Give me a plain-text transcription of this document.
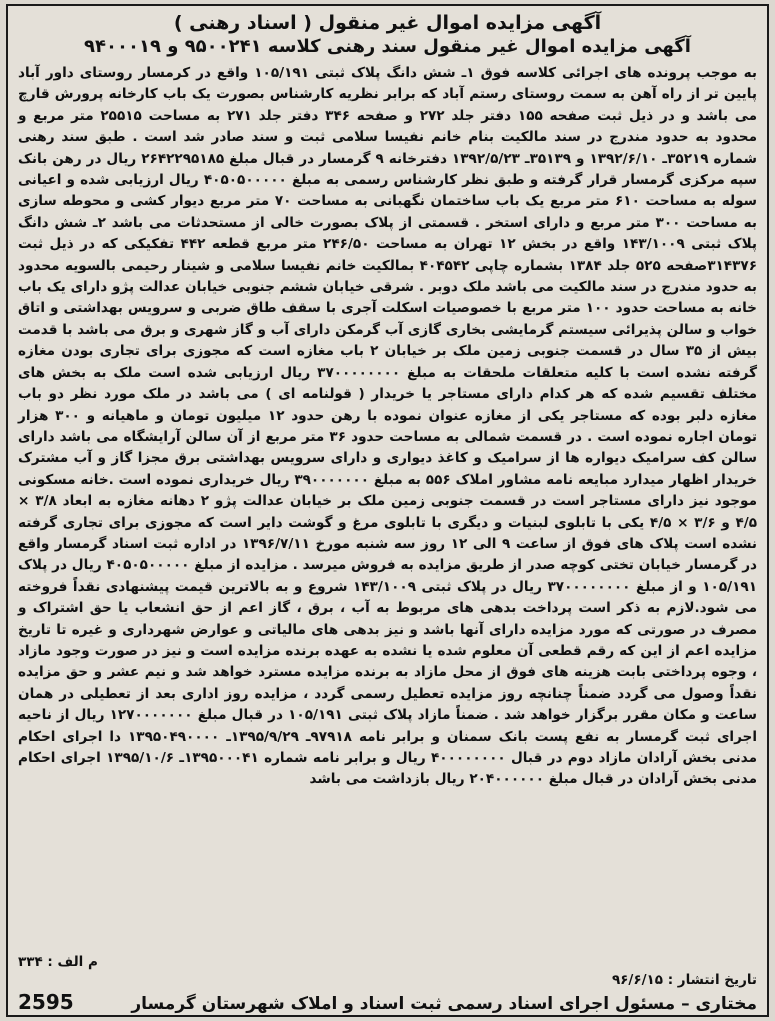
آگهی مزایده اموال غیر منقول ( اسناد رهنی )
آگهی مزایده اموال غیر منقول سند رهنی کلاسه ۹۵۰۰۲۴۱ و ۹۴۰۰۰۱۹
به موجب پرونده های اجرائی کلاسه فوق ۱ـ شش دانگ پلاک ثبتی ۱۰۵/۱۹۱ واقع در کرمسار روستای داور آباد پایین تر از راه آهن به سمت روستای رستم آباد که برابر نظریه کارشناس بصورت یک باب کارخانه پرورش قارچ می باشد و در ذیل ثبت صفحه ۱۵۵ دفتر جلد ۲۷۲ و صفحه ۳۴۶ دفتر جلد ۲۷۱ به مساحت ۲۵۵۱۵ متر مربع و محدود به حدود مندرج در سند مالکیت بنام خانم نفیسا سلامی ثبت و سند صادر شد است . طبق سند رهنی شماره ۳۵۲۱۹ـ ۱۳۹۲/۶/۱۰ و ۳۵۱۳۹ـ ۱۳۹۲/۵/۲۳ دفترخانه ۹ گرمسار در قبال مبلغ ۲۶۴۲۲۹۵۱۸۵ ریال در رهن بانک سپه مرکزی گرمسار قرار گرفته و طبق نظر کارشناس رسمی به مبلغ ۴۰۵۰۵۰۰۰۰۰ ریال ارزیابی شده و اعیانی سوله به مساحت ۶۱۰ متر مربع یک باب ساختمان نگهبانی به مساحت ۷۰ متر مربع دیوار کشی و محوطه سازی به مساحت ۳۰۰ متر مربع و دارای استخر . قسمتی از پلاک بصورت خالی از مستحدثات می باشد ۲ـ شش دانگ پلاک ثبتی ۱۴۳/۱۰۰۹ واقع در بخش ۱۲ تهران به مساحت ۲۴۶/۵۰ متر مربع قطعه ۴۴۲ تفکیکی که در ذیل ثبت ۳۱۴۳۷۶صفحه ۵۲۵ جلد ۱۳۸۴ بشماره چاپی ۴۰۴۵۴۲ بمالکیت خانم نفیسا سلامی و شینار رحیمی بالسویه محدود به حدود مندرج در سند مالکیت می باشد ملک دوبر . شرقی خیابان ششم جنوبی خیابان عدالت پژو دارای یک باب خانه به مساحت حدود ۱۰۰ متر مربع با خصوصیات اسکلت آجری با سقف طاق ضربی و سرویس بهداشتی و اتاق خواب و سالن پذیرائی سیستم گرمایشی بخاری گازی آب گرمکن دارای آب و گاز شهری و برق می باشد با قدمت بیش از ۳۵ سال در قسمت جنوبی زمین ملک بر خیابان ۲ باب مغازه است که مجوزی برای تجاری بودن مغازه گرفته نشده است با کلیه متعلقات ملحقات به مبلغ ۳۷۰۰۰۰۰۰۰۰ ریال ارزیابی شده است ملک به بخش های مختلف تقسیم شده که هر کدام دارای مستاجر یا خریدار ( قولنامه ای ) می باشد در ملک مورد نظر دو باب مغازه دلبر بوده که مستاجر یکی از مغازه عنوان نموده با رهن حدود ۱۲ میلیون تومان و ماهیانه و ۳۰۰ هزار تومان اجاره نموده است . در قسمت شمالی به مساحت حدود ۳۶ متر مربع از آن سالن آرایشگاه می باشد دارای سالن کف سرامیک دیواره ها از سرامیک و کاغذ دیواری و دارای سرویس بهداشتی برق مجزا گاز و آب مشترک خریدار اظهار میدارد مبایعه نامه مشاور املاک ۵۵۶ به مبلغ ۳۹۰۰۰۰۰۰۰ ریال خریداری نموده است .خانه مسکونی موجود نیز دارای مستاجر است در قسمت جنوبی زمین ملک بر خیابان عدالت پژو ۲ دهانه مغازه به ابعاد ۳/۸ × ۴/۵ و ۳/۶ × ۴/۵ یکی با تابلوی لبنیات و دیگری با تابلوی مرغ و گوشت دایر است که مجوزی برای تجاری گرفته نشده است پلاک های فوق از ساعت ۹ الی ۱۲ روز سه شنبه مورخ ۱۳۹۶/۷/۱۱ در اداره ثبت اسناد گرمسار واقع در گرمسار خیابان تختی کوچه صدر از طریق مزایده به فروش میرسد . مزایده از مبلغ ۴۰۵۰۵۰۰۰۰۰ ریال در پلاک ۱۰۵/۱۹۱ و از مبلغ ۳۷۰۰۰۰۰۰۰۰ ریال در پلاک ثبتی ۱۴۳/۱۰۰۹ شروع و به بالاترین قیمت پیشنهادی نقداً فروخته می شود.لازم به ذکر است پرداخت بدهی های مربوط به آب ، برق ، گاز اعم از حق انشعاب یا حق اشتراک و مصرف در صورتی که مورد مزایده دارای آنها باشد و نیز بدهی های مالیاتی و عوارض شهرداری و غیره تا تاریخ مزایده اعم از این که رقم قطعی آن معلوم شده یا نشده به عهده برنده مزایده است و نیز در صورت وجود مازاد ، وجوه پرداختی بابت هزینه های فوق از محل مازاد به برنده مزایده مسترد خواهد شد و نیم عشر و حق مزایده نقداً وصول می گردد ضمناً چنانچه روز مزایده تعطیل رسمی گردد ، مزایده روز اداری بعد از تعطیلی در همان ساعت و مکان مقرر برگزار خواهد شد . ضمناً مازاد پلاک ثبتی ۱۰۵/۱۹۱ در قبال مبلغ ۱۲۷۰۰۰۰۰۰۰ ریال از ناحیه اجرای ثبت گرمسار به نفع پست بانک سمنان و برابر نامه ۹۷۹۱۸ـ ۱۳۹۵/۹/۲۹ـ ۱۳۹۵۰۴۹۰۰۰۰ دا اجرای احکام مدنی بخش آرادان مازاد دوم در قبال ۴۰۰۰۰۰۰۰۰ ریال و برابر نامه شماره ۱۳۹۵۰۰۰۴۱ـ ۱۳۹۵/۱۰/۶ اجرای احکام مدنی بخش آرادان در قبال مبلغ ۲۰۴۰۰۰۰۰۰ ریال بازداشت می باشد
م الف : ۳۳۴
تاریخ انتشار : ۹۶/۶/۱۵
مختاری – مسئول اجرای اسناد رسمی ثبت اسناد و املاک شهرستان گرمسار
2595
